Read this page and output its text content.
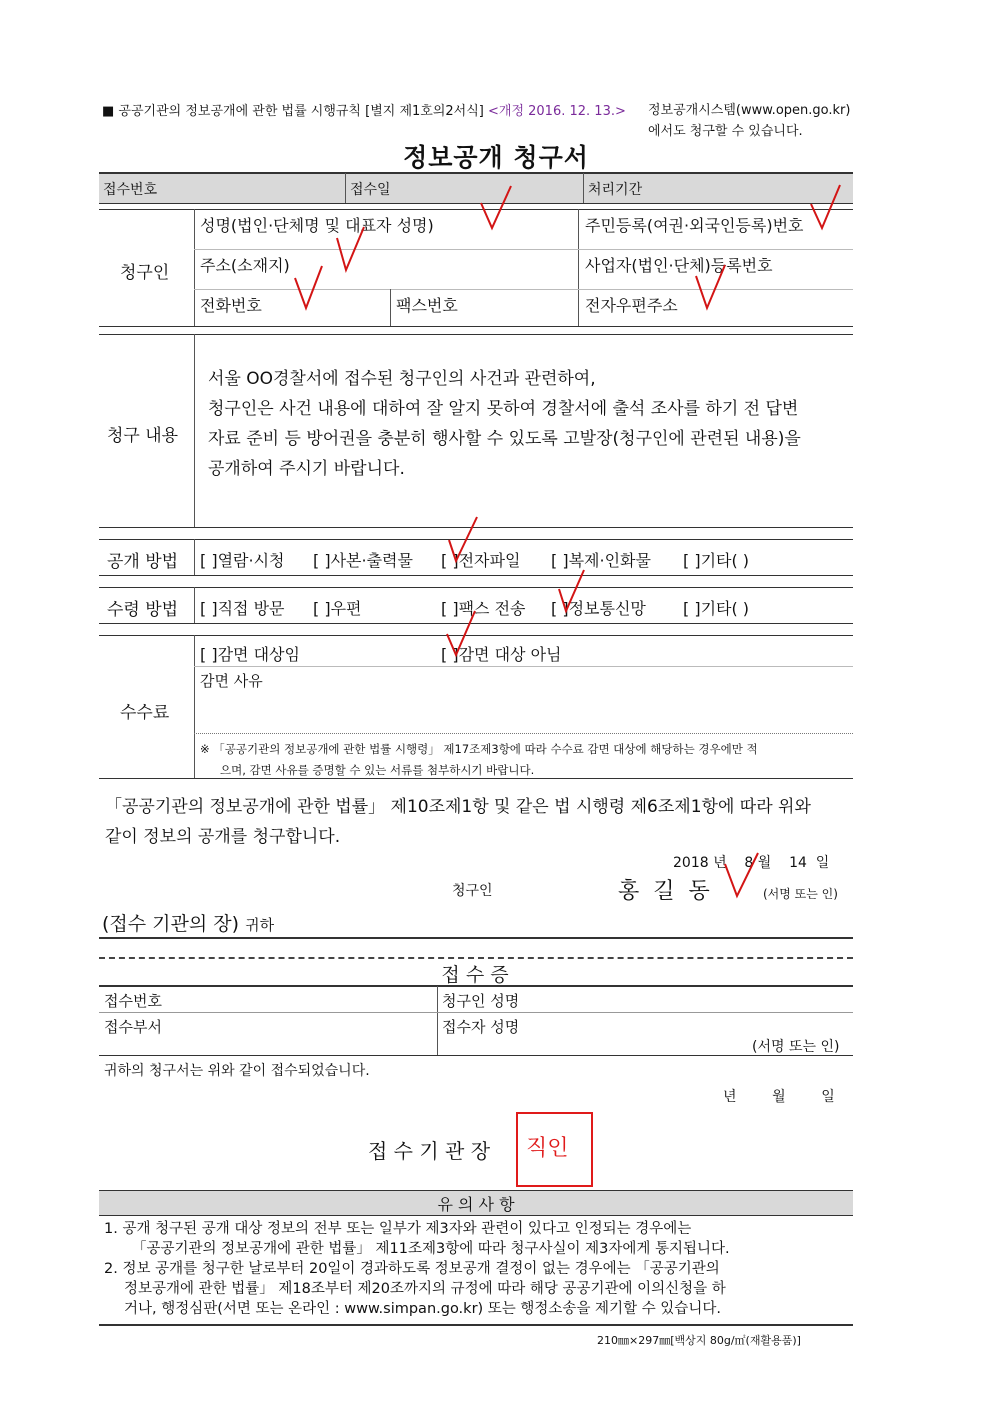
■ 공공기관의 정보공개에 관한 법률 시행규칙 [별지 제1호의2서식] <개정 2016. 12. 13.> 정보공개시스템(www.open.go.kr)
에서도 청구할 수 있습니다.
정보공개 청구서
접수번호	접수일	처리기간
청구인
성명(법인·단체명 및 대표자 성명)	주민등록(여권·외국인등록)번호
주소(소재지)	사업자(법인·단체)등록번호
전화번호	팩스번호	전자우편주소
청구 내용
서울 OO경찰서에 접수된 청구인의 사건과 관련하여,
청구인은 사건 내용에 대하여 잘 알지 못하여 경찰서에 출석 조사를 하기 전 답변
자료 준비 등 방어권을 충분히 행사할 수 있도록 고발장(청구인에 관련된 내용)을
공개하여 주시기 바랍니다.
공개 방법 [ ]열람·시청 [ ]사본·출력물 [ ]전자파일 [ ]복제·인화물 [ ]기타( )
수령 방법 [ ]직접 방문 [ ]우편	[ ]팩스 전송 [ ]정보통신망 [ ]기타( )
수수료
[ ]감면 대상임	[ ]감면 대상 아님
감면 사유
※ 「공공기관의 정보공개에 관한 법률 시행령」 제17조제3항에 따라 수수료 감면 대상에 해당하는 경우에만 적
으며, 감면 사유를 증명할 수 있는 서류를 첨부하시기 바랍니다.
「공공기관의 정보공개에 관한 법률」 제10조제1항 및 같은 법 시행령 제6조제1항에 따라 위와
같이 정보의 공개를 청구합니다.
2018 년    8 월    14  일
청구인	홍  길  동	(서명 또는 인)
(접수 기관의 장) 귀하
접 수 증
접수번호	청구인 성명
접수부서	접수자 성명
(서명 또는 인)
귀하의 청구서는 위와 같이 접수되었습니다.
년        월        일
접 수 기 관 장 직인
유 의 사 항
1. 공개 청구된 공개 대상 정보의 전부 또는 일부가 제3자와 관련이 있다고 인정되는 경우에는
「공공기관의 정보공개에 관한 법률」 제11조제3항에 따라 청구사실이 제3자에게 통지됩니다.
2. 정보 공개를 청구한 날로부터 20일이 경과하도록 정보공개 결정이 없는 경우에는 「공공기관의
정보공개에 관한 법률」 제18조부터 제20조까지의 규정에 따라 해당 공공기관에 이의신청을 하
거나, 행정심판(서면 또는 온라인 : www.simpan.go.kr) 또는 행정소송을 제기할 수 있습니다.
210㎜×297㎜[백상지 80g/㎡(재활용품)]
